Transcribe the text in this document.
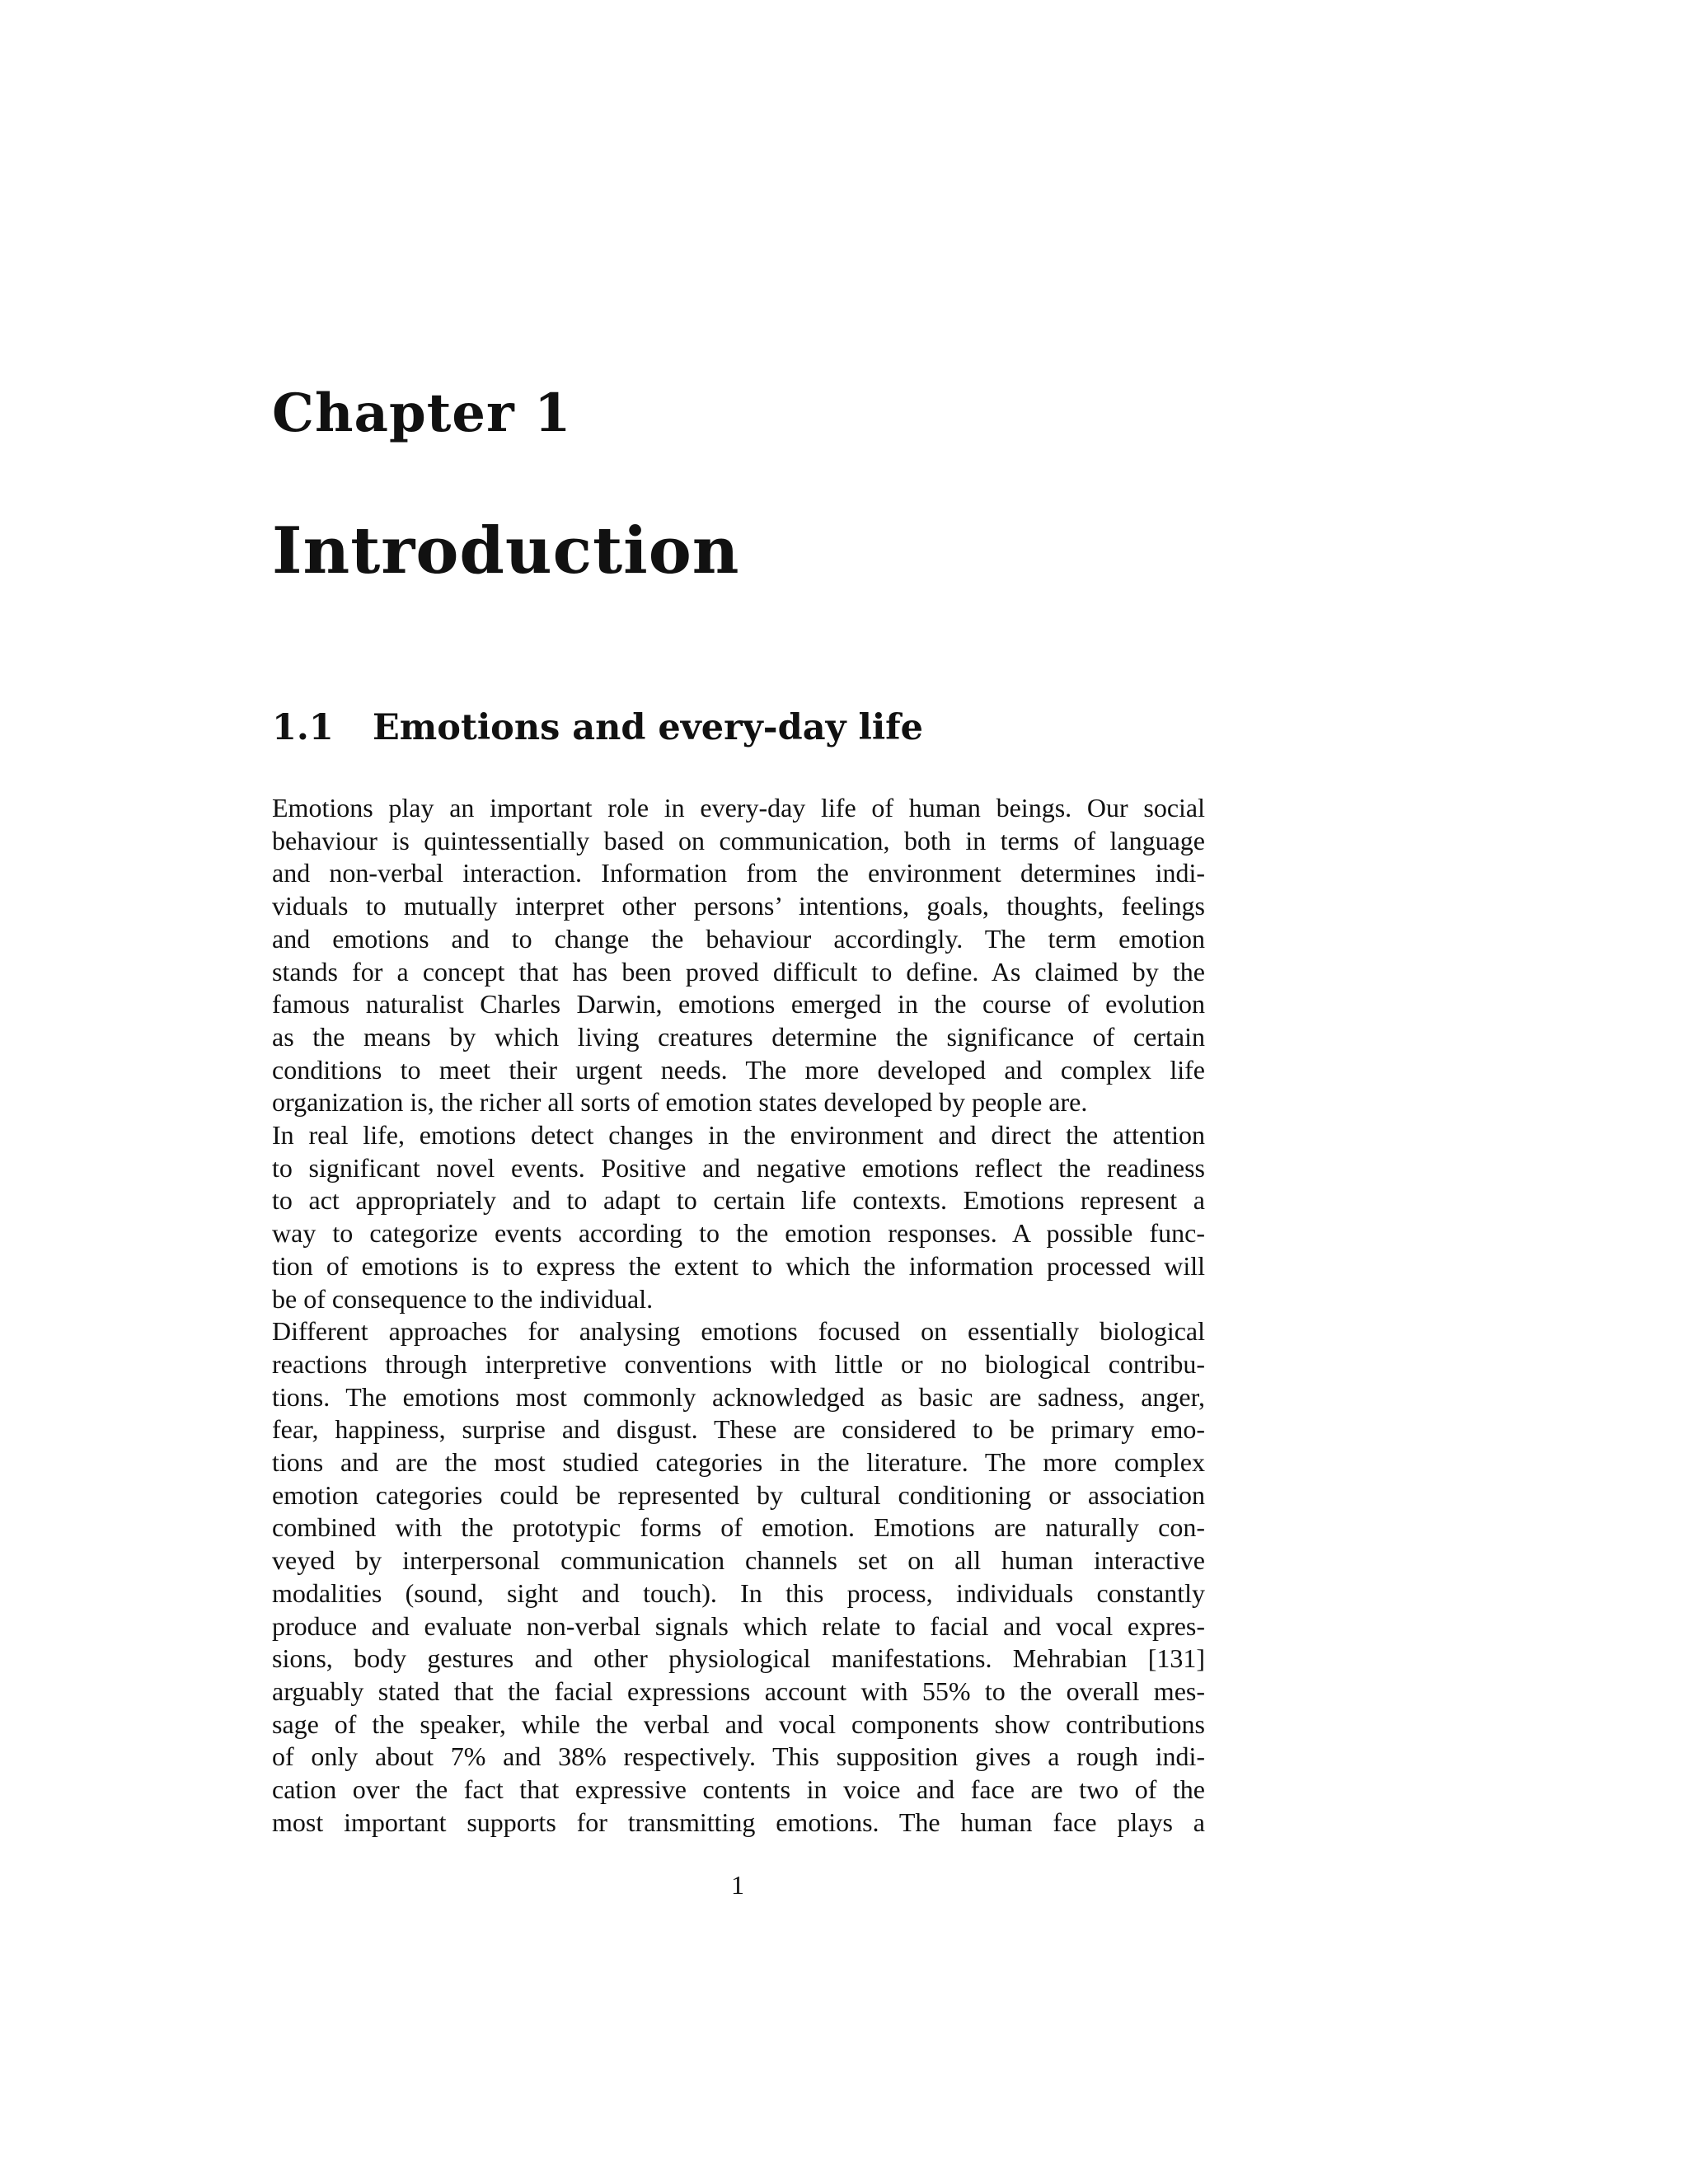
Chapter 1
Introduction
1.1 Emotions and every-day life
Emotions play an important role in every-day life of human beings. Our social
behaviour is quintessentially based on communication, both in terms of language
and non-verbal interaction. Information from the environment determines indi-
viduals to mutually interpret other persons’ intentions, goals, thoughts, feelings
and emotions and to change the behaviour accordingly. The term emotion
stands for a concept that has been proved difficult to define. As claimed by the
famous naturalist Charles Darwin, emotions emerged in the course of evolution
as the means by which living creatures determine the significance of certain
conditions to meet their urgent needs. The more developed and complex life
organization is, the richer all sorts of emotion states developed by people are.
In real life, emotions detect changes in the environment and direct the attention
to significant novel events. Positive and negative emotions reflect the readiness
to act appropriately and to adapt to certain life contexts. Emotions represent a
way to categorize events according to the emotion responses. A possible func-
tion of emotions is to express the extent to which the information processed will
be of consequence to the individual.
Different approaches for analysing emotions focused on essentially biological
reactions through interpretive conventions with little or no biological contribu-
tions. The emotions most commonly acknowledged as basic are sadness, anger,
fear, happiness, surprise and disgust. These are considered to be primary emo-
tions and are the most studied categories in the literature. The more complex
emotion categories could be represented by cultural conditioning or association
combined with the prototypic forms of emotion. Emotions are naturally con-
veyed by interpersonal communication channels set on all human interactive
modalities (sound, sight and touch). In this process, individuals constantly
produce and evaluate non-verbal signals which relate to facial and vocal expres-
sions, body gestures and other physiological manifestations. Mehrabian [131]
arguably stated that the facial expressions account with 55% to the overall mes-
sage of the speaker, while the verbal and vocal components show contributions
of only about 7% and 38% respectively. This supposition gives a rough indi-
cation over the fact that expressive contents in voice and face are two of the
most important supports for transmitting emotions. The human face plays a
1
